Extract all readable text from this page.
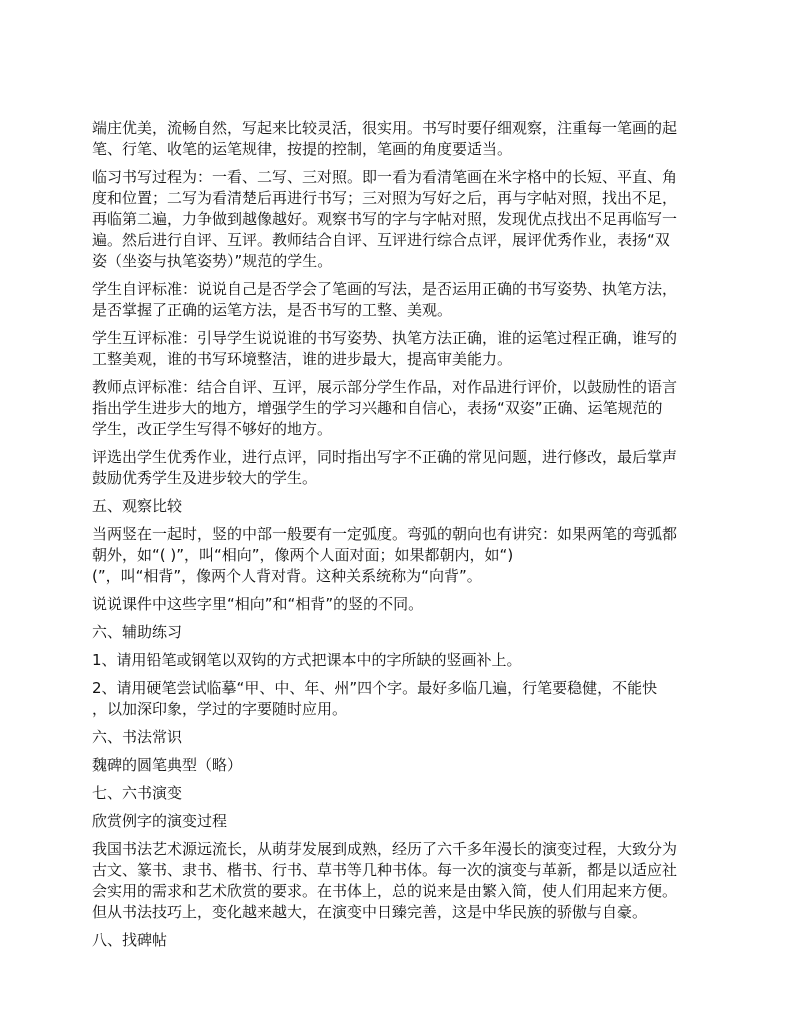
端庄优美，流畅自然，写起来比较灵活，很实用。书写时要仔细观察，注重每一笔画的起
笔、行笔、收笔的运笔规律，按提的控制，笔画的角度要适当。

临习书写过程为：一看、二写、三对照。即一看为看清笔画在米字格中的长短、平直、角
度和位置；二写为看清楚后再进行书写；三对照为写好之后，再与字帖对照，找出不足，
再临第二遍，力争做到越像越好。观察书写的字与字帖对照，发现优点找出不足再临写一
遍。然后进行自评、互评。教师结合自评、互评进行综合点评，展评优秀作业，表扬“双
姿（坐姿与执笔姿势）”规范的学生。

学生自评标准：说说自己是否学会了笔画的写法，是否运用正确的书写姿势、执笔方法，
是否掌握了正确的运笔方法，是否书写的工整、美观。

学生互评标准：引导学生说说谁的书写姿势、执笔方法正确，谁的运笔过程正确，谁写的
工整美观，谁的书写环境整洁，谁的进步最大，提高审美能力。

教师点评标准：结合自评、互评，展示部分学生作品，对作品进行评价，以鼓励性的语言
指出学生进步大的地方，增强学生的学习兴趣和自信心，表扬“双姿”正确、运笔规范的
学生，改正学生写得不够好的地方。

评选出学生优秀作业，进行点评，同时指出写字不正确的常见问题，进行修改，最后掌声
鼓励优秀学生及进步较大的学生。

五、观察比较

当两竖在一起时，竖的中部一般要有一定弧度。弯弧的朝向也有讲究：如果两笔的弯弧都
朝外，如“( )”，叫“相向”，像两个人面对面；如果都朝内，如“)
(”，叫“相背”，像两个人背对背。这种关系统称为“向背”。

说说课件中这些字里“相向”和“相背”的竖的不同。

六、辅助练习

1、请用铅笔或钢笔以双钩的方式把课本中的字所缺的竖画补上。

2、请用硬笔尝试临摹“甲、中、年、州”四个字。最好多临几遍，行笔要稳健，不能快
，以加深印象，学过的字要随时应用。

六、书法常识

魏碑的圆笔典型（略）

七、六书演变

欣赏例字的演变过程

我国书法艺术源远流长，从萌芽发展到成熟，经历了六千多年漫长的演变过程，大致分为
古文、篆书、隶书、楷书、行书、草书等几种书体。每一次的演变与革新，都是以适应社
会实用的需求和艺术欣赏的要求。在书体上，总的说来是由繁入简，使人们用起来方便。
但从书法技巧上，变化越来越大，在演变中日臻完善，这是中华民族的骄傲与自豪。

八、找碑帖
